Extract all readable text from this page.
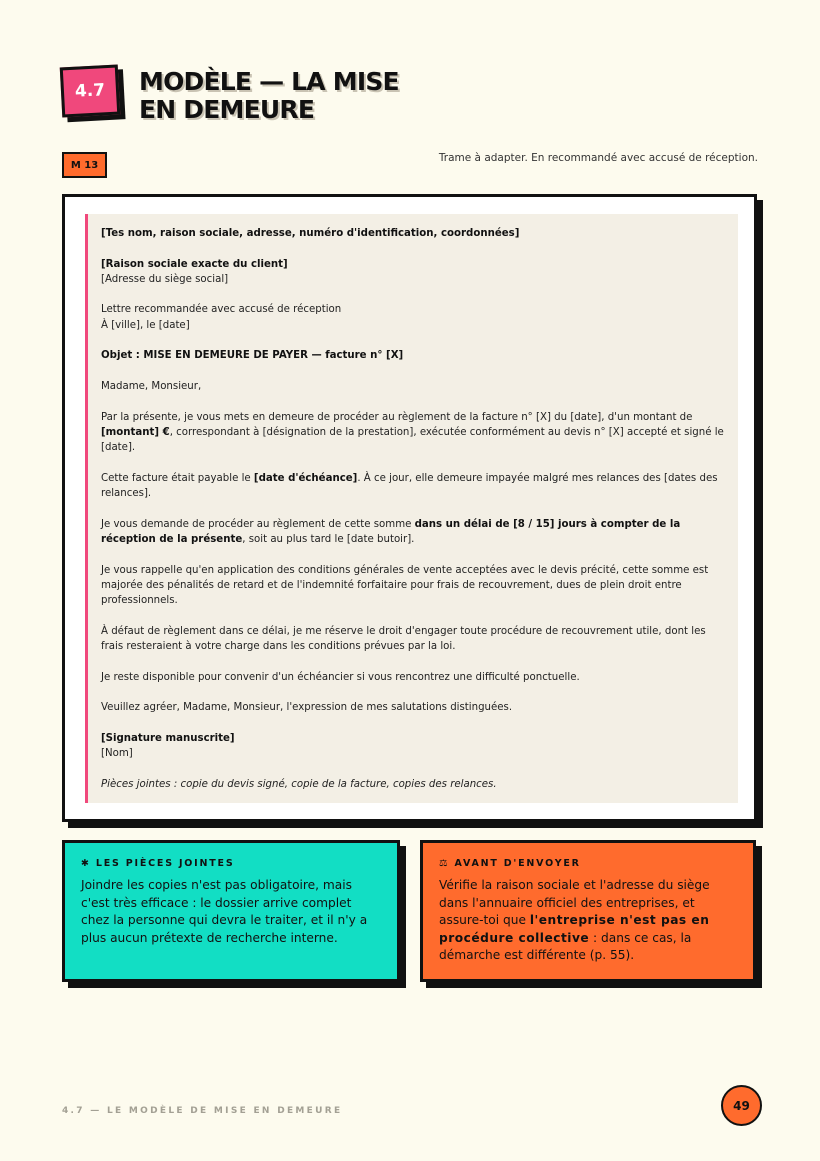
4.7 MODÈLE — LA MISE
EN DEMEURE
M 13
Trame à adapter. En recommandé avec accusé de réception.

[Tes nom, raison sociale, adresse, numéro d'identification, coordonnées]

[Raison sociale exacte du client]
[Adresse du siège social]

Lettre recommandée avec accusé de réception
À [ville], le [date]

Objet : MISE EN DEMEURE DE PAYER — facture n° [X]

Madame, Monsieur,

Par la présente, je vous mets en demeure de procéder au règlement de la facture n° [X] du [date], d'un montant de [montant] €, correspondant à [désignation de la prestation], exécutée conformément au devis n° [X] accepté et signé le [date].

Cette facture était payable le [date d'échéance]. À ce jour, elle demeure impayée malgré mes relances des [dates des relances].

Je vous demande de procéder au règlement de cette somme dans un délai de [8 / 15] jours à compter de la réception de la présente, soit au plus tard le [date butoir].

Je vous rappelle qu'en application des conditions générales de vente acceptées avec le devis précité, cette somme est majorée des pénalités de retard et de l'indemnité forfaitaire pour frais de recouvrement, dues de plein droit entre professionnels.

À défaut de règlement dans ce délai, je me réserve le droit d'engager toute procédure de recouvrement utile, dont les frais resteraient à votre charge dans les conditions prévues par la loi.

Je reste disponible pour convenir d'un échéancier si vous rencontrez une difficulté ponctuelle.

Veuillez agréer, Madame, Monsieur, l'expression de mes salutations distinguées.

[Signature manuscrite]
[Nom]

Pièces jointes : copie du devis signé, copie de la facture, copies des relances.

✱ LES PIÈCES JOINTES

Joindre les copies n'est pas obligatoire, mais c'est très efficace : le dossier arrive complet chez la personne qui devra le traiter, et il n'y a plus aucun prétexte de recherche interne.

⚖ AVANT D'ENVOYER

Vérifie la raison sociale et l'adresse du siège dans l'annuaire officiel des entreprises, et assure-toi que l'entreprise n'est pas en procédure collective : dans ce cas, la démarche est différente (p. 55).

4.7 — LE MODÈLE DE MISE EN DEMEURE	49
